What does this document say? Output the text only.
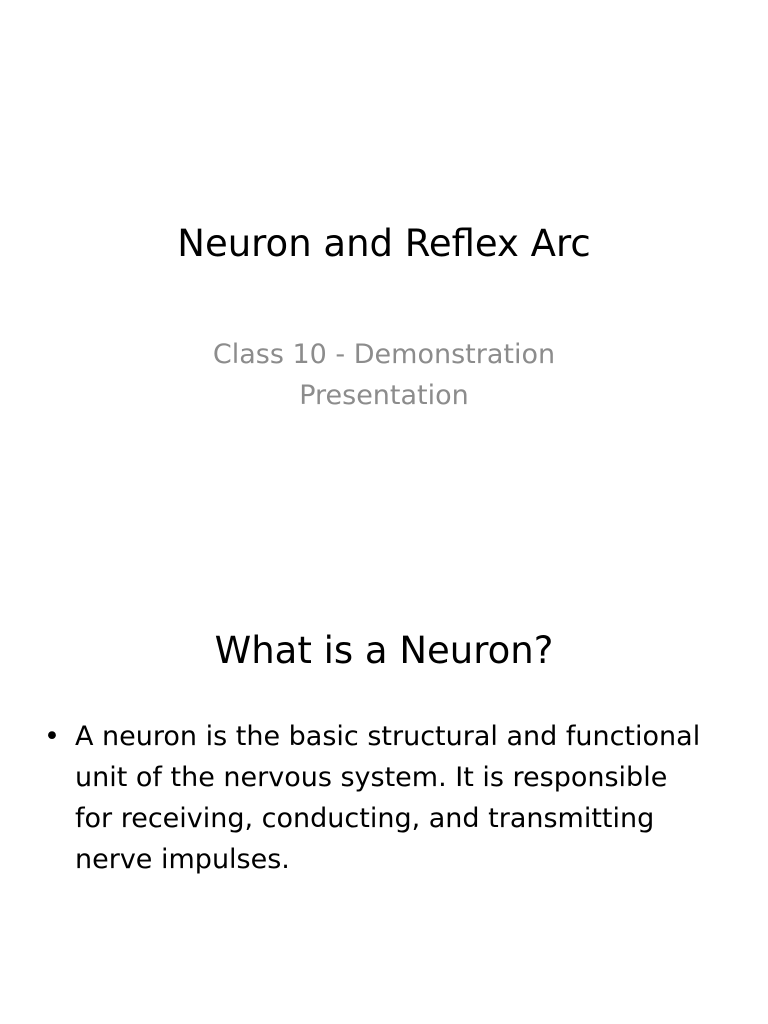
Neuron and Reflex Arc
Class 10 - Demonstration
Presentation
What is a Neuron?
• A neuron is the basic structural and functional
unit of the nervous system. It is responsible
for receiving, conducting, and transmitting
nerve impulses.
